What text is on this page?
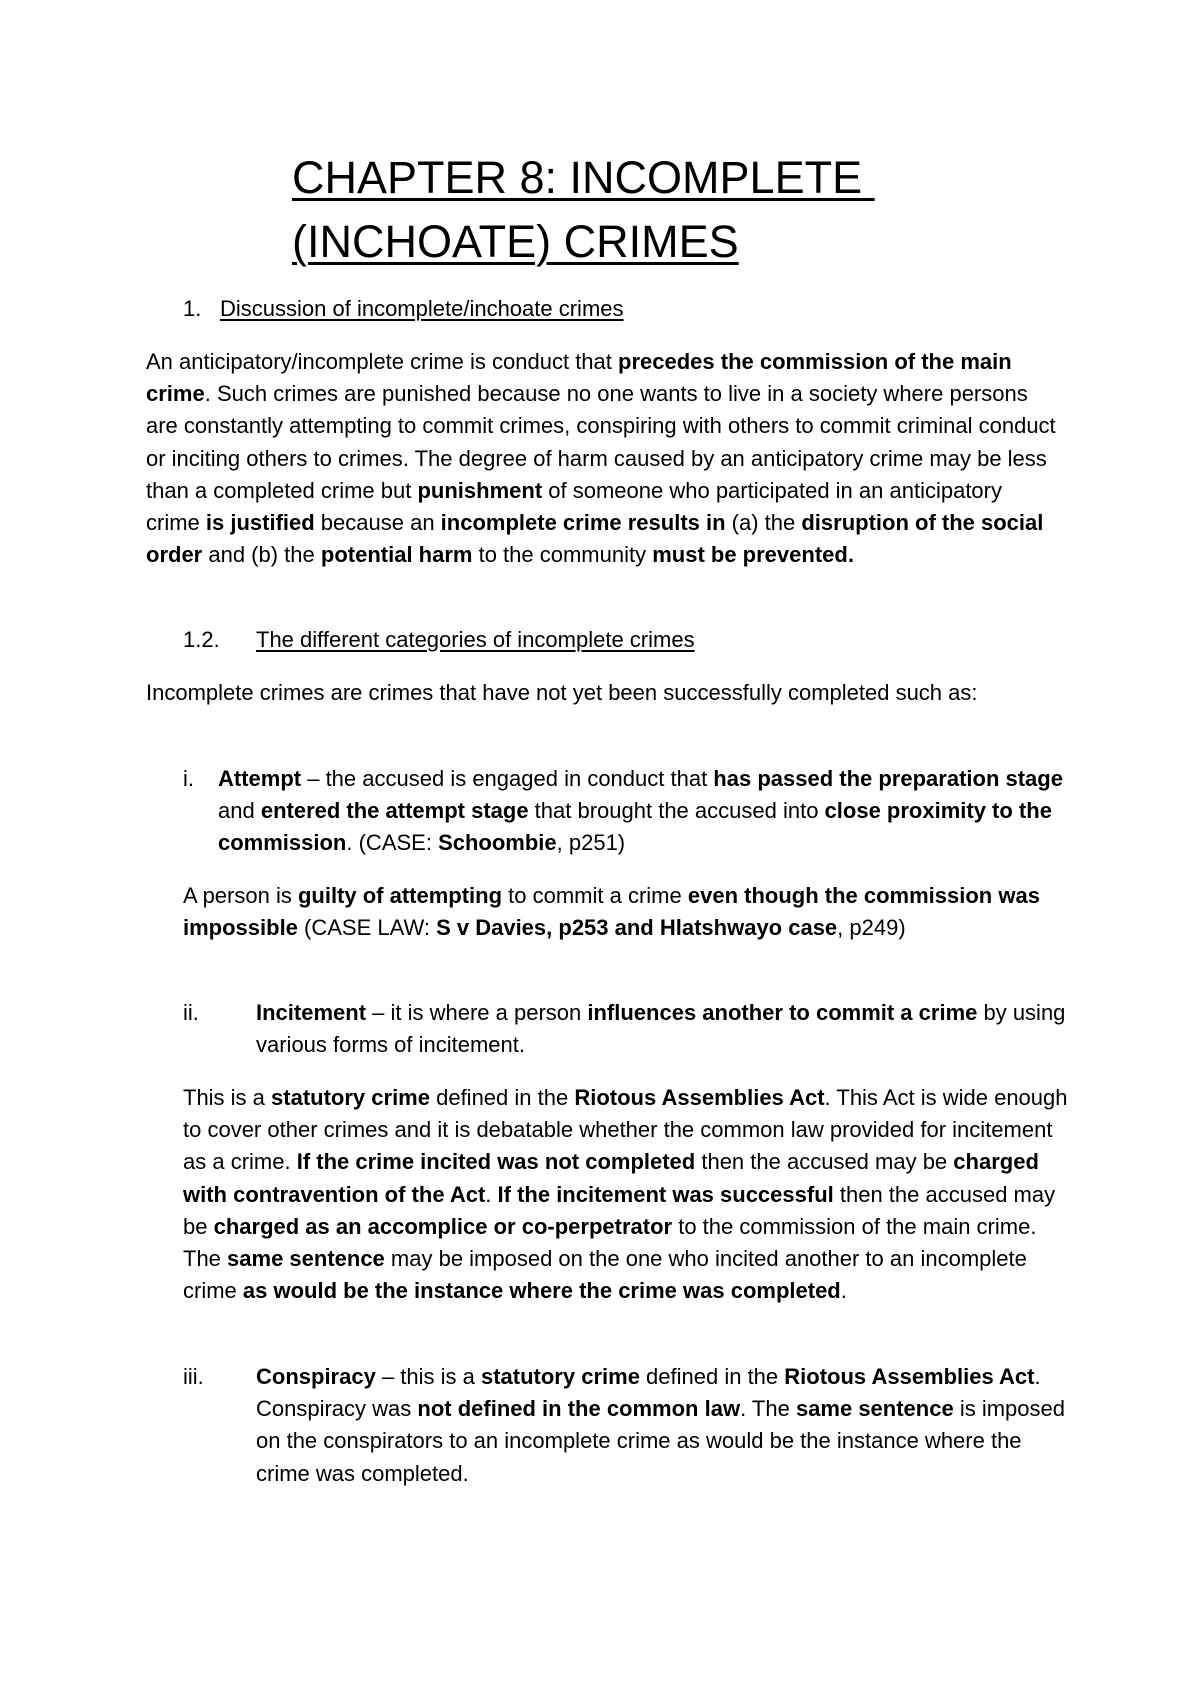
CHAPTER 8: INCOMPLETE
(INCHOATE) CRIMES

1. Discussion of incomplete/inchoate crimes

An anticipatory/incomplete crime is conduct that precedes the commission of the main crime. Such crimes are punished because no one wants to live in a society where persons are constantly attempting to commit crimes, conspiring with others to commit criminal conduct or inciting others to crimes. The degree of harm caused by an anticipatory crime may be less than a completed crime but punishment of someone who participated in an anticipatory crime is justified because an incomplete crime results in (a) the disruption of the social order and (b) the potential harm to the community must be prevented.

1.2. The different categories of incomplete crimes

Incomplete crimes are crimes that have not yet been successfully completed such as:

i. Attempt – the accused is engaged in conduct that has passed the preparation stage and entered the attempt stage that brought the accused into close proximity to the commission. (CASE: Schoombie, p251)

A person is guilty of attempting to commit a crime even though the commission was impossible (CASE LAW: S v Davies, p253 and Hlatshwayo case, p249)

ii.	Incitement – it is where a person influences another to commit a crime by using various forms of incitement.

This is a statutory crime defined in the Riotous Assemblies Act. This Act is wide enough to cover other crimes and it is debatable whether the common law provided for incitement as a crime. If the crime incited was not completed then the accused may be charged with contravention of the Act. If the incitement was successful then the accused may be charged as an accomplice or co-perpetrator to the commission of the main crime. The same sentence may be imposed on the one who incited another to an incomplete crime as would be the instance where the crime was completed.

iii. Conspiracy – this is a statutory crime defined in the Riotous Assemblies Act. Conspiracy was not defined in the common law. The same sentence is imposed on the conspirators to an incomplete crime as would be the instance where the crime was completed.
